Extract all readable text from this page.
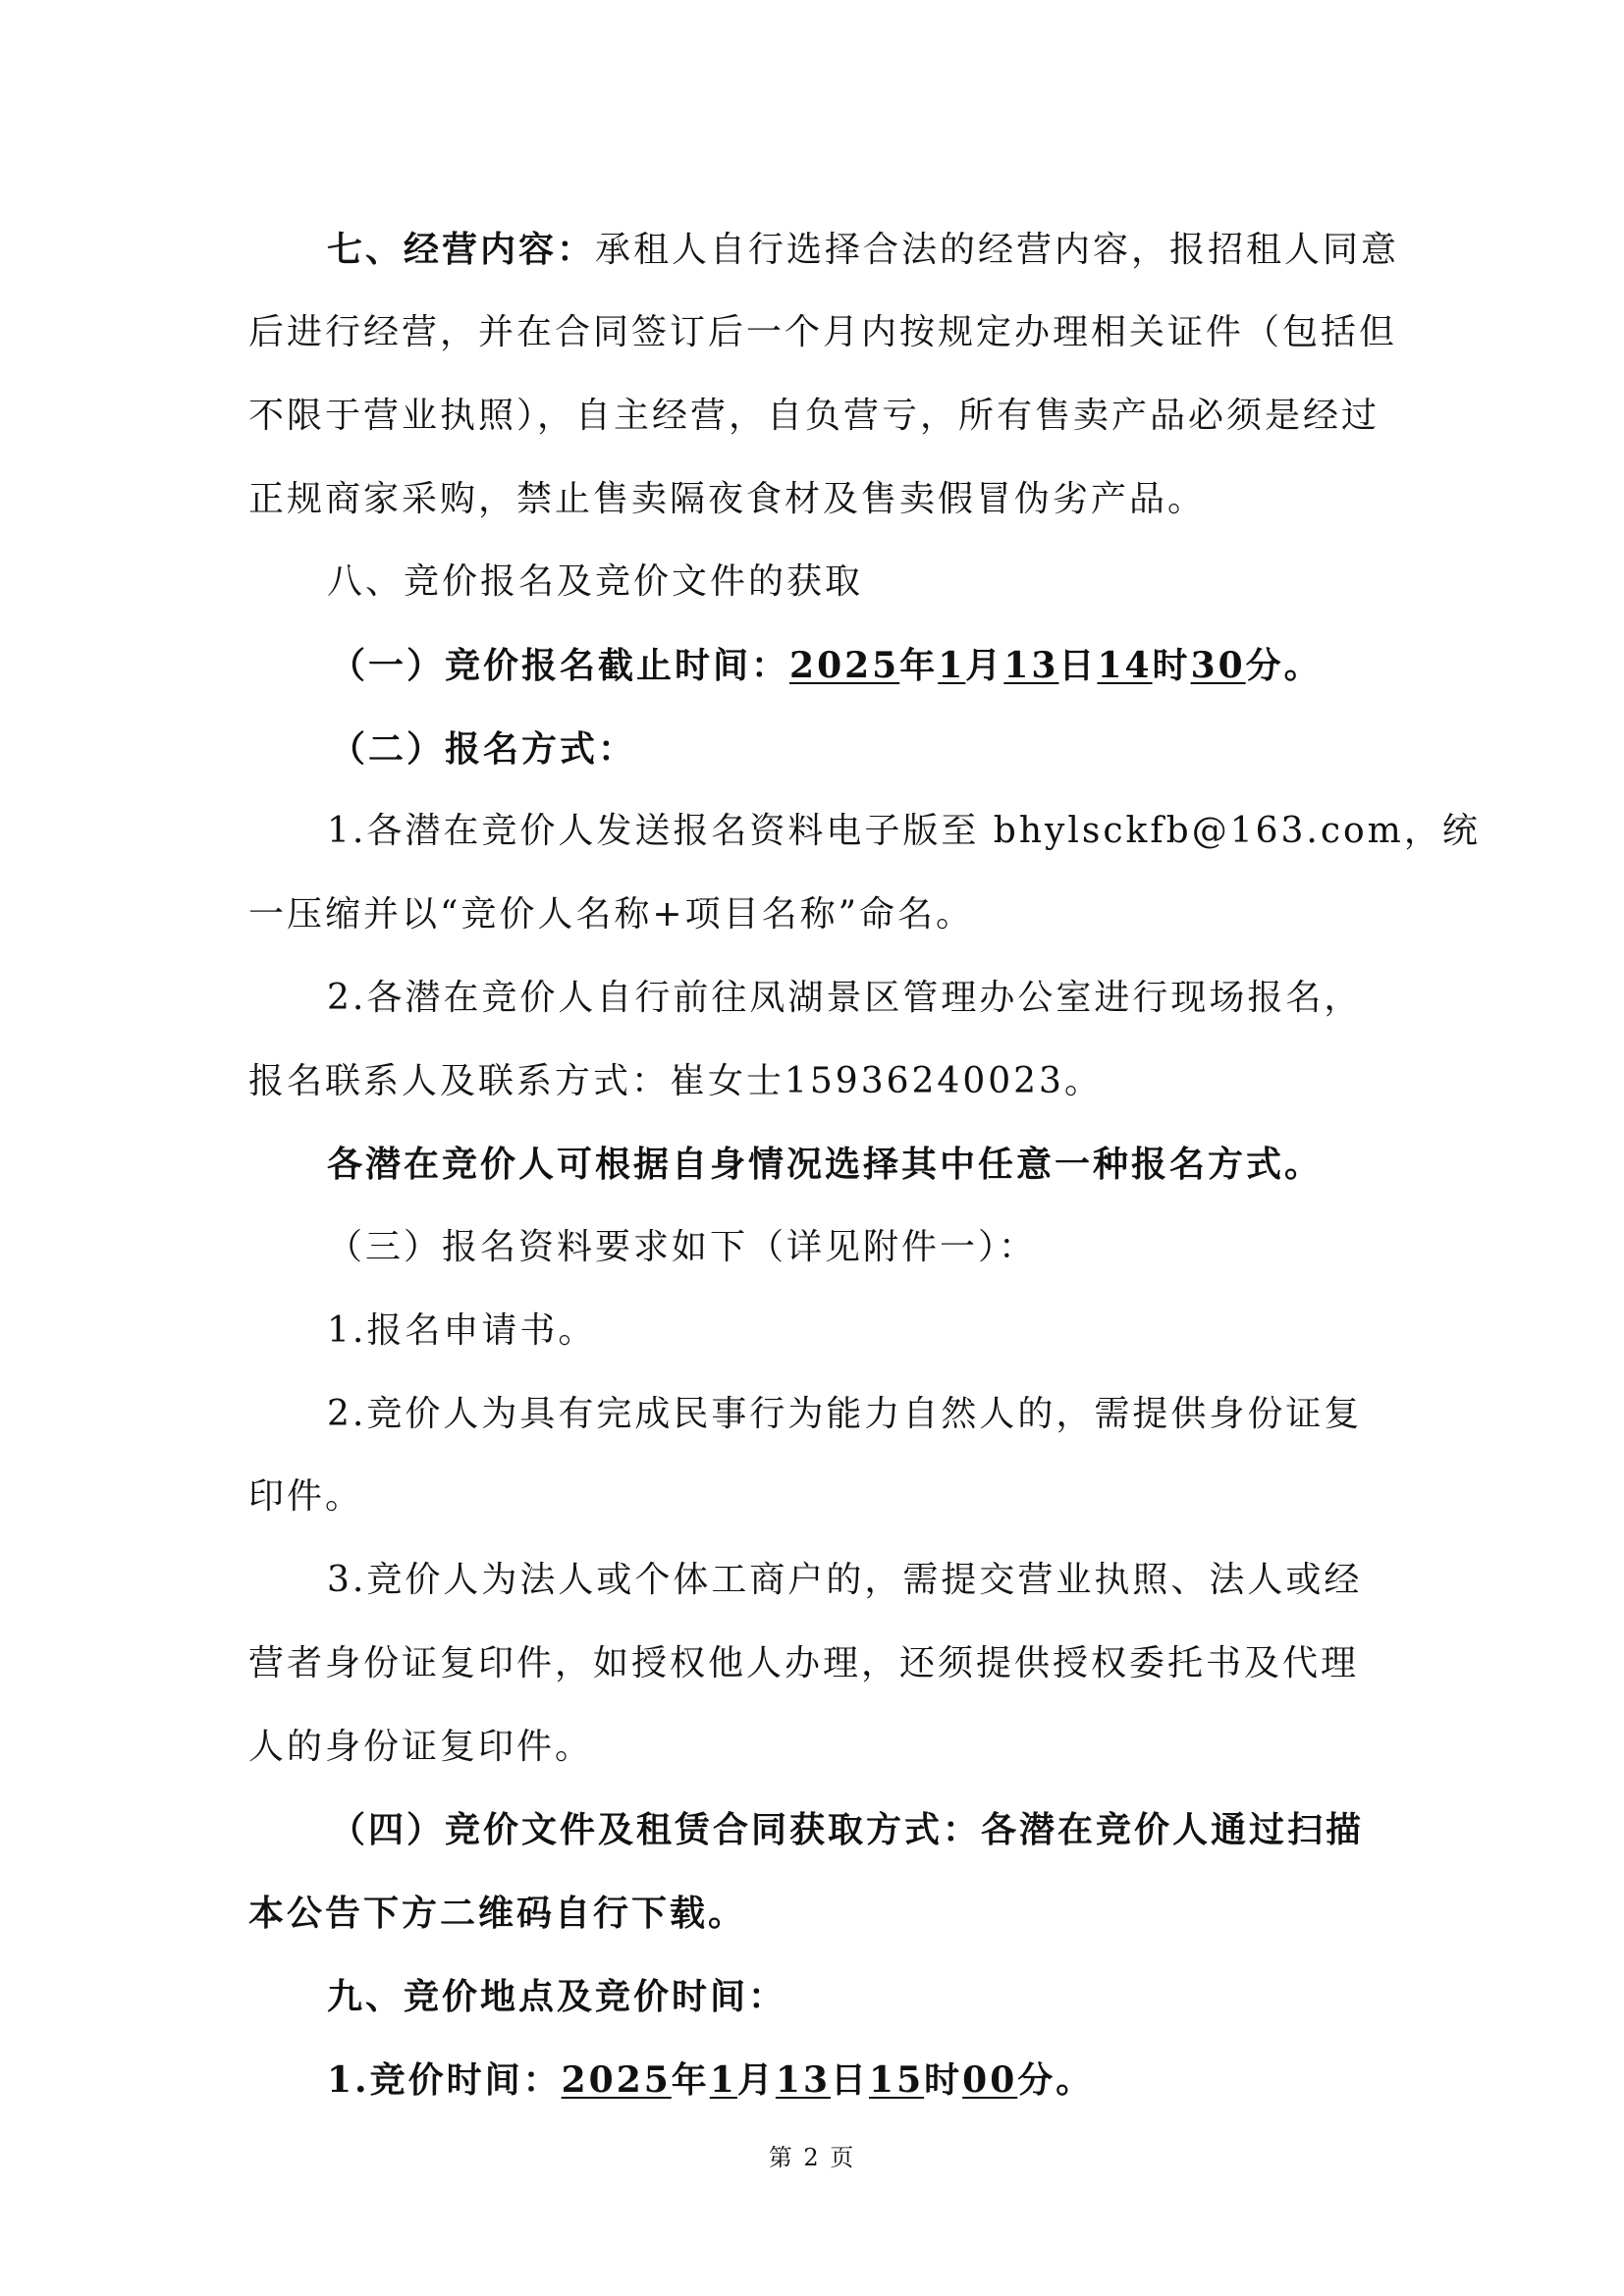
七、经营内容：承租人自行选择合法的经营内容，报招租人同意
后进行经营，并在合同签订后一个月内按规定办理相关证件（包括但
不限于营业执照），自主经营，自负营亏，所有售卖产品必须是经过
正规商家采购，禁止售卖隔夜食材及售卖假冒伪劣产品。
八、竞价报名及竞价文件的获取
（一）竞价报名截止时间：2025年1月13日14时30分。
（二）报名方式：
1.各潜在竞价人发送报名资料电子版至 bhylsckfb@163.com，统
一压缩并以“竞价人名称+项目名称”命名。
2.各潜在竞价人自行前往凤湖景区管理办公室进行现场报名，
报名联系人及联系方式：崔女士15936240023。
各潜在竞价人可根据自身情况选择其中任意一种报名方式。
（三）报名资料要求如下（详见附件一）：
1.报名申请书。
2.竞价人为具有完成民事行为能力自然人的，需提供身份证复
印件。
3.竞价人为法人或个体工商户的，需提交营业执照、法人或经
营者身份证复印件，如授权他人办理，还须提供授权委托书及代理
人的身份证复印件。
（四）竞价文件及租赁合同获取方式：各潜在竞价人通过扫描
本公告下方二维码自行下载。
九、竞价地点及竞价时间：
1.竞价时间：2025年1月13日15时00分。
第 2 页
